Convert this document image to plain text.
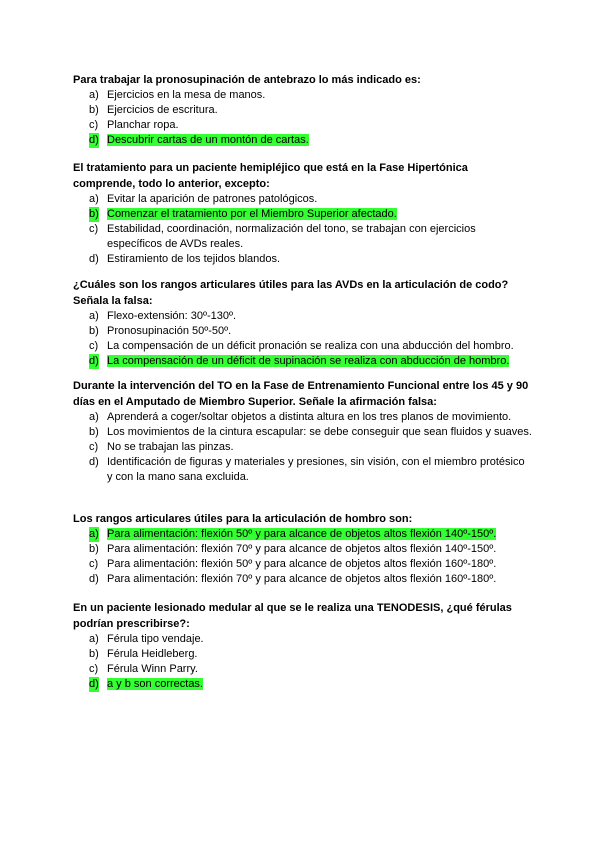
Para trabajar la pronosupinación de antebrazo lo más indicado es:
a) Ejercicios en la mesa de manos.
b) Ejercicios de escritura.
c) Planchar ropa.
d) Descubrir cartas de un montón de cartas.
El tratamiento para un paciente hemipléjico que está en la Fase Hipertónica comprende, todo lo anterior, excepto:
a) Evitar la aparición de patrones patológicos.
b) Comenzar el tratamiento por el Miembro Superior afectado.
c) Estabilidad, coordinación, normalización del tono, se trabajan con ejercicios específicos de AVDs reales.
d) Estiramiento de los tejidos blandos.
¿Cuáles son los rangos articulares útiles para las AVDs en la articulación de codo? Señala la falsa:
a) Flexo-extensión: 30º-130º.
b) Pronosupinación 50º-50º.
c) La compensación de un déficit pronación se realiza con una abducción del hombro.
d) La compensación de un déficit de supinación se realiza con abducción de hombro.
Durante la intervención del TO en la Fase de Entrenamiento Funcional entre los 45 y 90 días en el Amputado de Miembro Superior. Señale la afirmación falsa:
a) Aprenderá a coger/soltar objetos a distinta altura en los tres planos de movimiento.
b) Los movimientos de la cintura escapular: se debe conseguir que sean fluidos y suaves.
c) No se trabajan las pinzas.
d) Identificación de figuras y materiales y presiones, sin visión, con el miembro protésico y con la mano sana excluida.
Los rangos articulares útiles para la articulación de hombro son:
a) Para alimentación: flexión 50º y para alcance de objetos altos flexión 140º-150º.
b) Para alimentación: flexión 70º y para alcance de objetos altos flexión 140º-150º.
c) Para alimentación: flexión 50º y para alcance de objetos altos flexión 160º-180º.
d) Para alimentación: flexión 70º y para alcance de objetos altos flexión 160º-180º.
En un paciente lesionado medular al que se le realiza una TENODESIS, ¿qué férulas podrían prescribirse?:
a) Férula tipo vendaje.
b) Férula Heidleberg.
c) Férula Winn Parry.
d) a y b son correctas.
